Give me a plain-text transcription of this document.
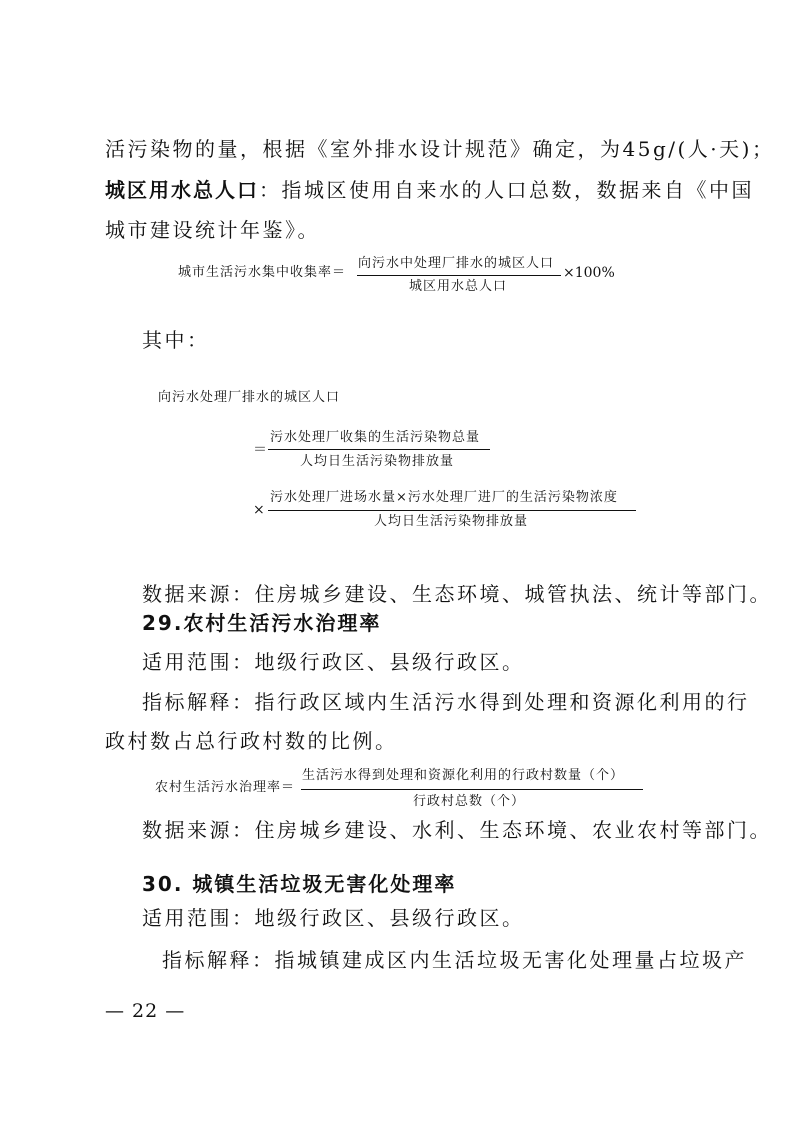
活污染物的量，根据《室外排水设计规范》确定，为45g/(人·天)；
城区用水总人口：指城区使用自来水的人口总数，数据来自《中国
城市建设统计年鉴》。
城市生活污水集中收集率＝
向污水中处理厂排水的城区人口
城区用水总人口
×100%
其中：
向污水处理厂排水的城区人口
＝
污水处理厂收集的生活污染物总量
人均日生活污染物排放量
×
污水处理厂进场水量×污水处理厂进厂的生活污染物浓度
人均日生活污染物排放量
数据来源：住房城乡建设、生态环境、城管执法、统计等部门。
29.农村生活污水治理率
适用范围：地级行政区、县级行政区。
指标解释：指行政区域内生活污水得到处理和资源化利用的行
政村数占总行政村数的比例。
农村生活污水治理率＝
生活污水得到处理和资源化利用的行政村数量（个）
行政村总数（个）
数据来源：住房城乡建设、水利、生态环境、农业农村等部门。
30. 城镇生活垃圾无害化处理率
适用范围：地级行政区、县级行政区。
指标解释：指城镇建成区内生活垃圾无害化处理量占垃圾产
— 22 —
